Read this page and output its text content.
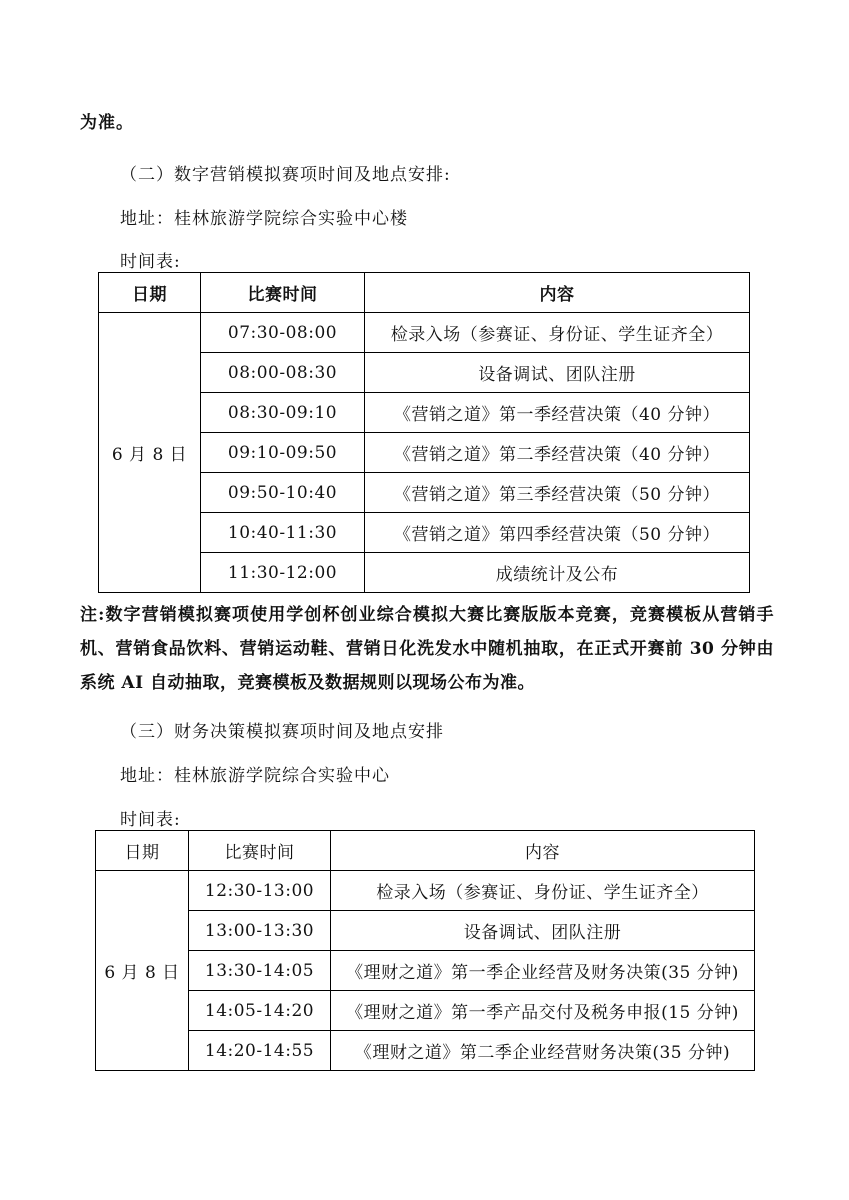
为准。
（二）数字营销模拟赛项时间及地点安排:
地址：桂林旅游学院综合实验中心楼
时间表:
日期	比赛时间	内容
6 月 8 日	07:30-08:00	检录入场（参赛证、身份证、学生证齐全）
	08:00-08:30	设备调试、团队注册
	08:30-09:10	《营销之道》第一季经营决策（40 分钟）
	09:10-09:50	《营销之道》第二季经营决策（40 分钟）
	09:50-10:40	《营销之道》第三季经营决策（50 分钟）
	10:40-11:30	《营销之道》第四季经营决策（50 分钟）
	11:30-12:00	成绩统计及公布
注:数字营销模拟赛项使用学创杯创业综合模拟大赛比赛版版本竞赛，竞赛模板从营销手机、营销食品饮料、营销运动鞋、营销日化洗发水中随机抽取，在正式开赛前 30 分钟由系统 AI 自动抽取，竞赛模板及数据规则以现场公布为准。
（三）财务决策模拟赛项时间及地点安排
地址：桂林旅游学院综合实验中心
时间表:
日期	比赛时间	内容
6 月 8 日	12:30-13:00	检录入场（参赛证、身份证、学生证齐全）
	13:00-13:30	设备调试、团队注册
	13:30-14:05	《理财之道》第一季企业经营及财务决策(35 分钟)
	14:05-14:20	《理财之道》第一季产品交付及税务申报(15 分钟)
	14:20-14:55	《理财之道》第二季企业经营财务决策(35 分钟)
